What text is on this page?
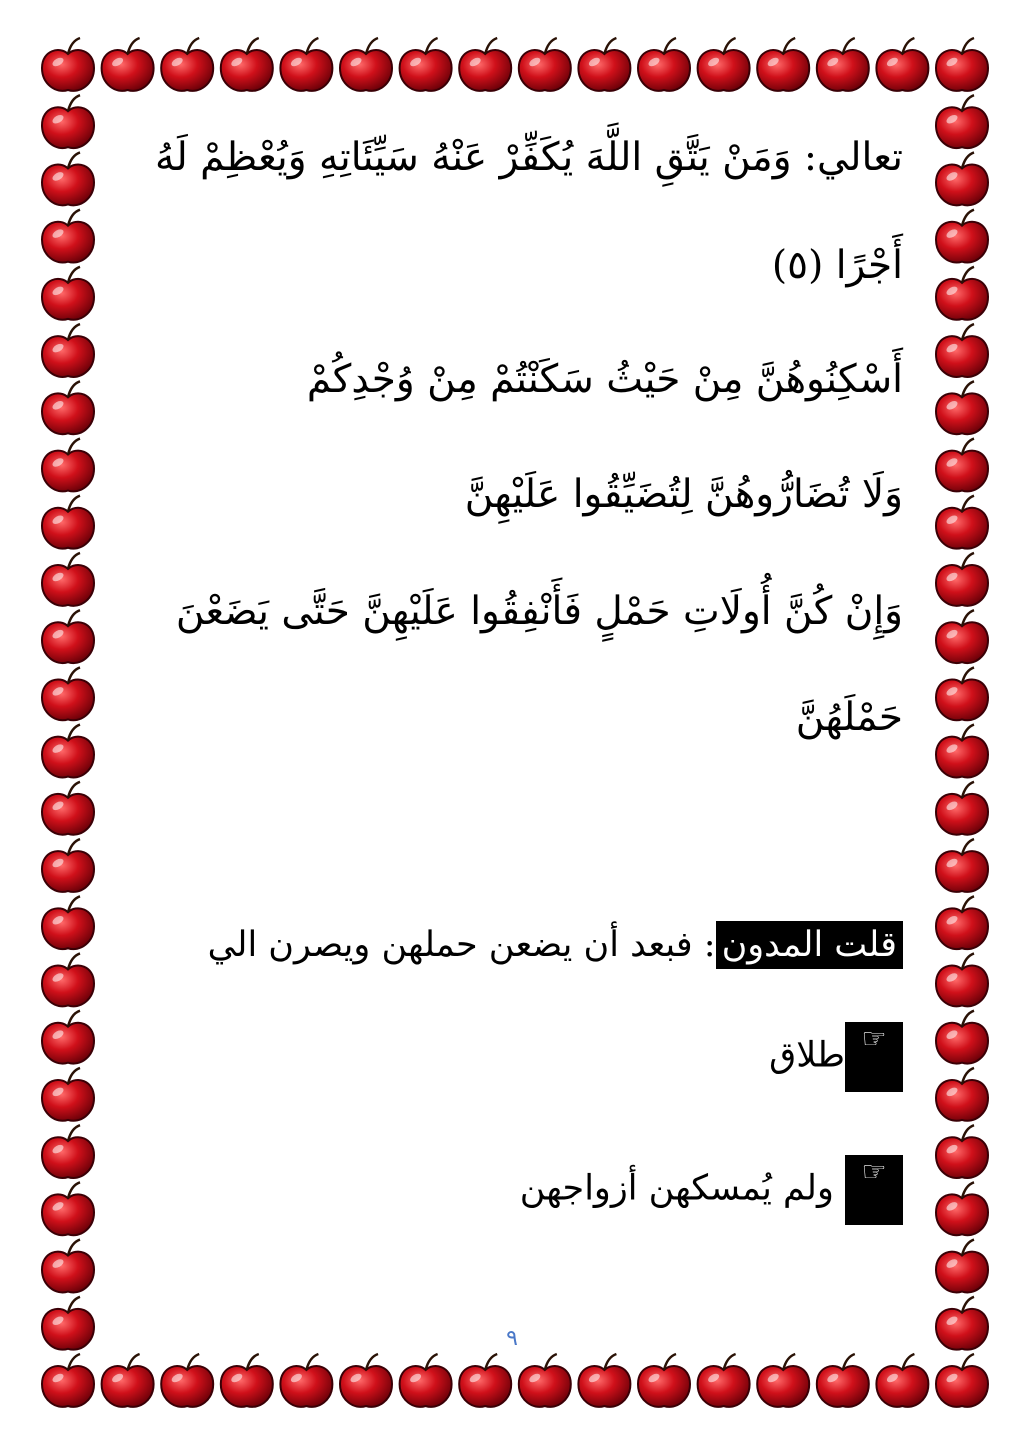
تعالي: وَمَنْ يَتَّقِ اللَّهَ يُكَفِّرْ عَنْهُ سَيِّئَاتِهِ وَيُعْظِمْ لَهُ
أَجْرًا (٥)
أَسْكِنُوهُنَّ مِنْ حَيْثُ سَكَنْتُمْ مِنْ وُجْدِكُمْ
وَلَا تُضَارُّوهُنَّ لِتُضَيِّقُوا عَلَيْهِنَّ
وَإِنْ كُنَّ أُولَاتِ حَمْلٍ فَأَنْفِقُوا عَلَيْهِنَّ حَتَّى يَضَعْنَ
حَمْلَهُنَّ
قلت المدون: فبعد أن يضعن حملهن ويصرن الي
☞طلاق
☞ ولم يُمسكهن أزواجهن
٩
